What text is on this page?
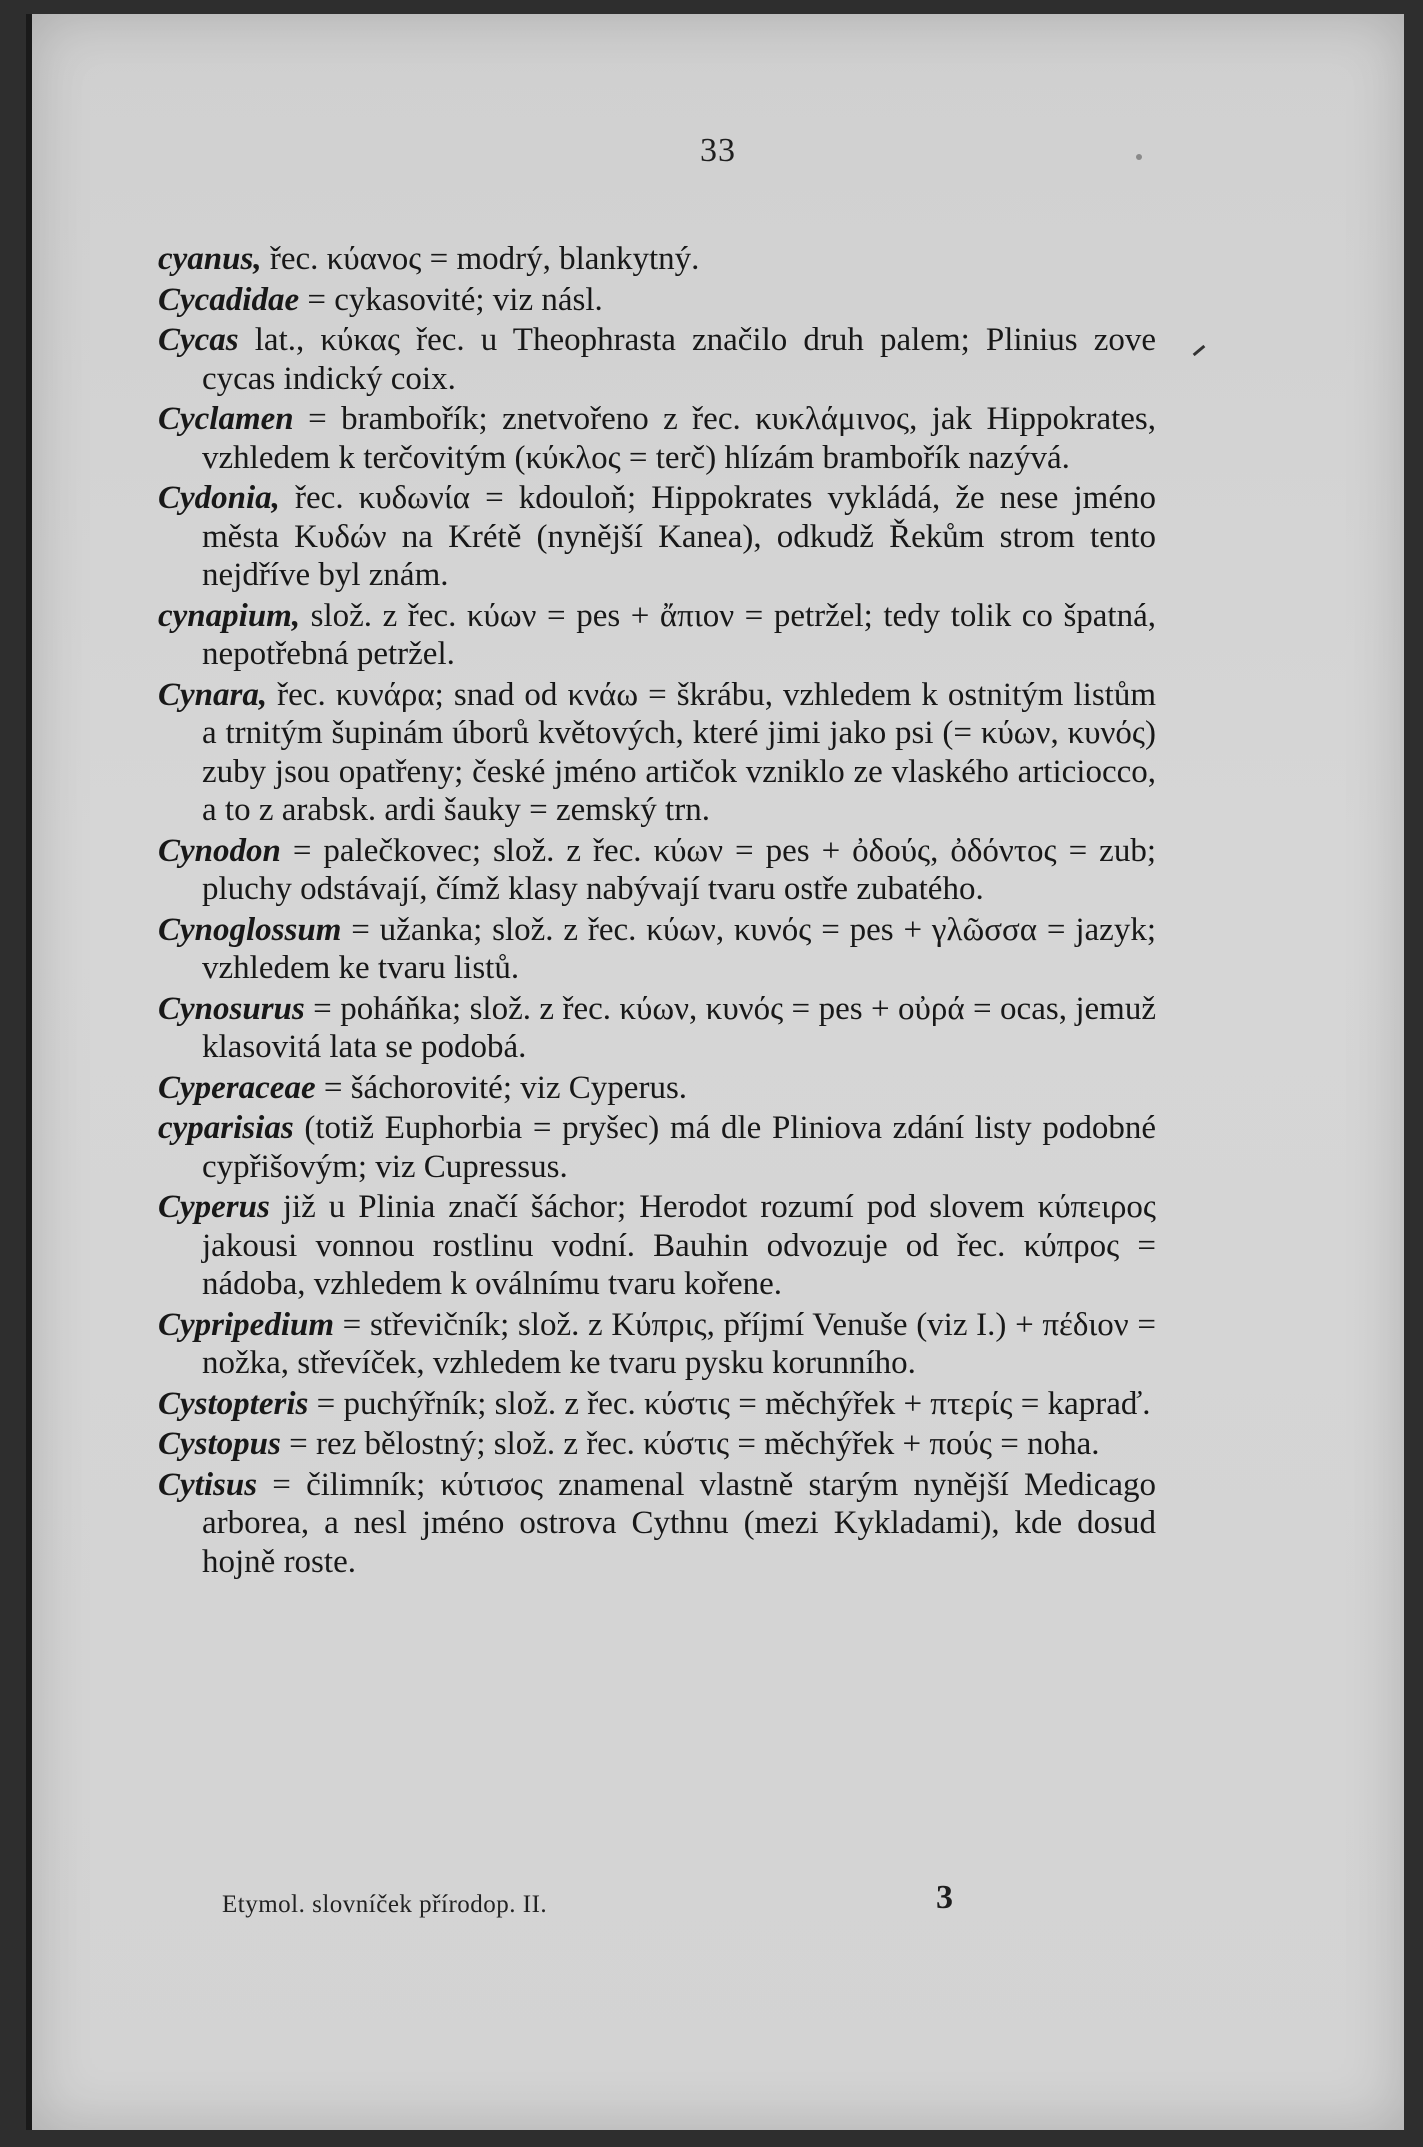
33
cyanus, řec. κύανος = modrý, blankytný.
Cycadidae = cykasovité; viz násl.
Cycas lat., κύκας řec. u Theophrasta značilo druh palem; Plinius zove cycas indický coix.
Cyclamen = brambořík; znetvořeno z řec. κυκλάμινος, jak Hippokrates, vzhledem k terčovitým (κύκλος = terč) hlízám brambořík nazývá.
Cydonia, řec. κυδωνία = kdouloň; Hippokrates vykládá, že nese jméno města Κυδών na Krétě (nynější Kanea), odkudž Řekům strom tento nejdříve byl znám.
cynapium, slož. z řec. κύων = pes + ἄπιον = petržel; tedy tolik co špatná, nepotřebná petržel.
Cynara, řec. κυνάρα; snad od κνάω = škrábu, vzhledem k ostnitým listům a trnitým šupinám úborů květových, které jimi jako psi (= κύων, κυνός) zuby jsou opatřeny; české jméno artičok vzniklo ze vlaského articiocco, a to z arabsk. ardi šauky = zemský trn.
Cynodon = palečkovec; slož. z řec. κύων = pes + ὀδούς, ὀδόντος = zub; pluchy odstávají, čímž klasy nabývají tvaru ostře zubatého.
Cynoglossum = užanka; slož. z řec. κύων, κυνός = pes + γλῶσσα = jazyk; vzhledem ke tvaru listů.
Cynosurus = poháňka; slož. z řec. κύων, κυνός = pes + οὐρά = ocas, jemuž klasovitá lata se podobá.
Cyperaceae = šáchorovité; viz Cyperus.
cyparisias (totiž Euphorbia = pryšec) má dle Pliniova zdání listy podobné cypřišovým; viz Cupressus.
Cyperus již u Plinia značí šáchor; Herodot rozumí pod slovem κύπειρος jakousi vonnou rostlinu vodní. Bauhin odvozuje od řec. κύπρος = nádoba, vzhledem k oválnímu tvaru kořene.
Cypripedium = střevičník; slož. z Κύπρις, příjmí Venuše (viz I.) + πέδιον = nožka, střevíček, vzhledem ke tvaru pysku korunního.
Cystopteris = puchýřník; slož. z řec. κύστις = měchýřek + πτερίς = kapraď.
Cystopus = rez bělostný; slož. z řec. κύστις = měchýřek + πούς = noha.
Cytisus = čilimník; κύτισος znamenal vlastně starým nynější Medicago arborea, a nesl jméno ostrova Cythnu (mezi Kykladami), kde dosud hojně roste.
Etymol. slovníček přírodop. II.	3
